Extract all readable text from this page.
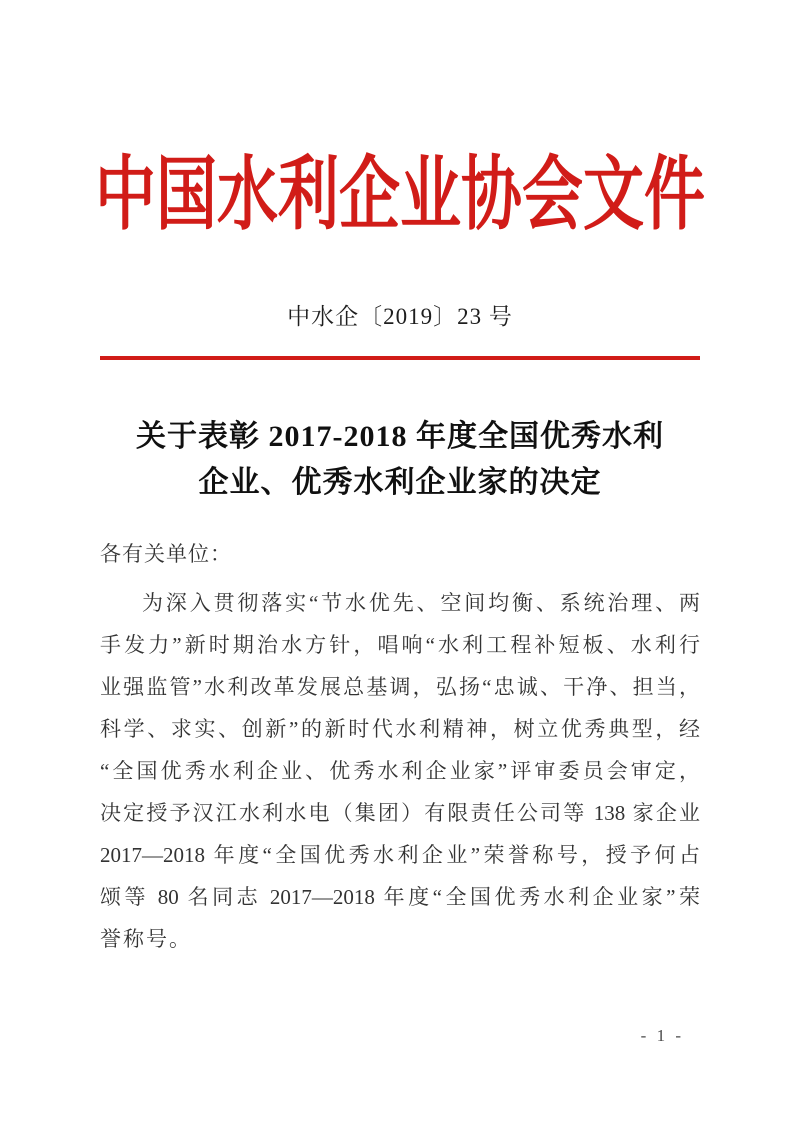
中国水利企业协会文件
中水企〔2019〕23 号
关于表彰 2017-2018 年度全国优秀水利
企业、优秀水利企业家的决定
各有关单位：
为深入贯彻落实“节水优先、空间均衡、系统治理、两
手发力”新时期治水方针，唱响“水利工程补短板、水利行
业强监管”水利改革发展总基调，弘扬“忠诚、干净、担当，
科学、求实、创新”的新时代水利精神，树立优秀典型，经
“全国优秀水利企业、优秀水利企业家”评审委员会审定，
决定授予汉江水利水电（集团）有限责任公司等 138 家企业
2017—2018 年度“全国优秀水利企业”荣誉称号，授予何占
颂等 80 名同志 2017—2018 年度“全国优秀水利企业家”荣
誉称号。
- 1 -
